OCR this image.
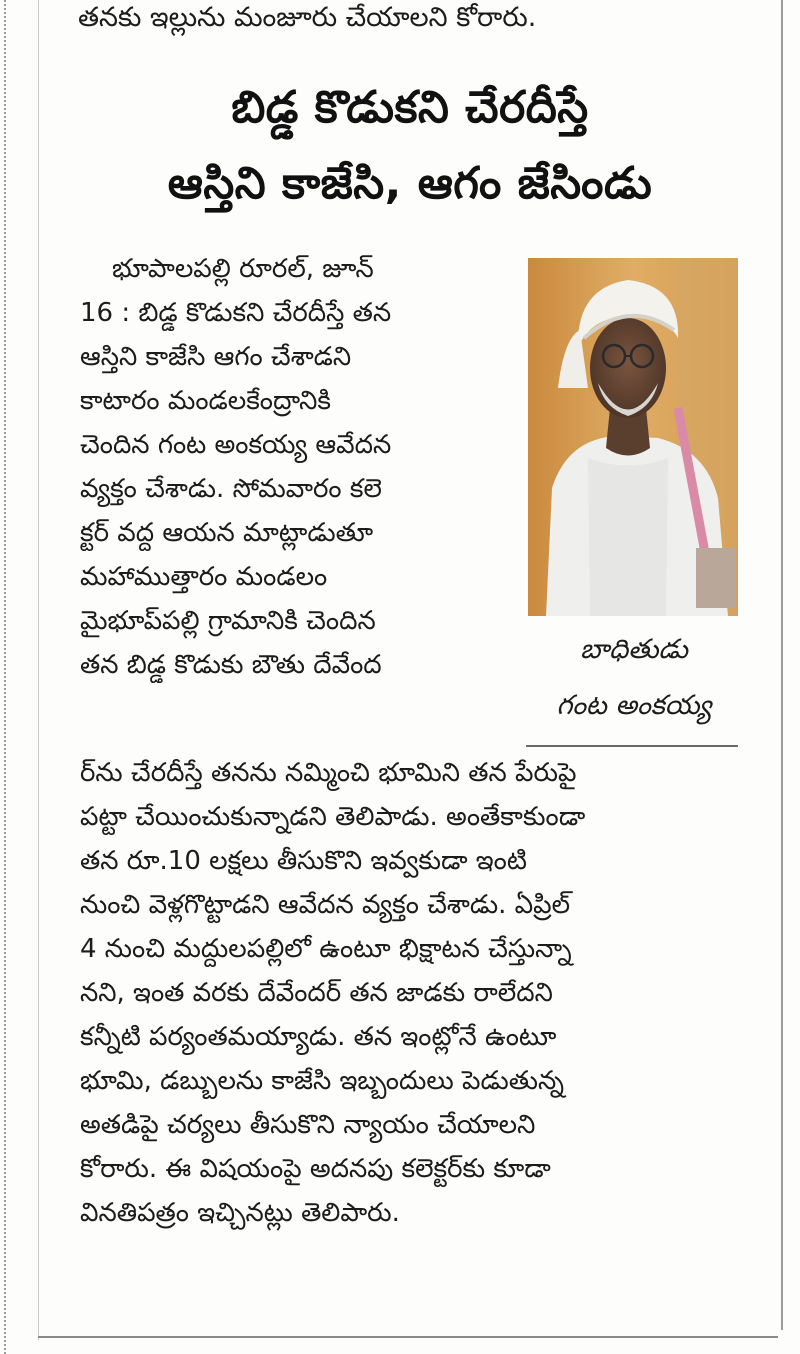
తనకు ఇల్లును మంజూరు చేయాలని కోరారు.
బిడ్డ కొడుకని చేరదీస్తే
ఆస్తిని కాజేసి, ఆగం జేసిండు
భూపాలపల్లి రూరల్, జూన్
16 : బిడ్డ కొడుకని చేరదీస్తే తన
ఆస్తిని కాజేసి ఆగం చేశాడని
కాటారం మండలకేంద్రానికి
చెందిన గంట అంకయ్య ఆవేదన
వ్యక్తం చేశాడు. సోమవారం కలె
క్టర్ వద్ద ఆయన మాట్లాడుతూ
మహాముత్తారం మండలం
మైభూప్‌పల్లి గ్రామానికి చెందిన
తన బిడ్డ కొడుకు బౌతు దేవేంద	బాధితుడు
గంట అంకయ్య
ర్‌ను చేరదీస్తే తనను నమ్మించి భూమిని తన పేరుపై
పట్టా చేయించుకున్నాడని తెలిపాడు. అంతేకాకుండా
తన రూ.10 లక్షలు తీసుకొని ఇవ్వకుడా ఇంటి
నుంచి వెళ్లగొట్టాడని ఆవేదన వ్యక్తం చేశాడు. ఏప్రిల్
4 నుంచి మద్దులపల్లిలో ఉంటూ భిక్షాటన చేస్తున్నా
నని, ఇంత వరకు దేవేందర్ తన జాడకు రాలేదని
కన్నీటి పర్యంతమయ్యాడు. తన ఇంట్లోనే ఉంటూ
భూమి, డబ్బులను కాజేసి ఇబ్బందులు పెడుతున్న
అతడిపై చర్యలు తీసుకొని న్యాయం చేయాలని
కోరారు. ఈ విషయంపై అదనపు కలెక్టర్‌కు కూడా
వినతిపత్రం ఇచ్చినట్లు తెలిపారు.
